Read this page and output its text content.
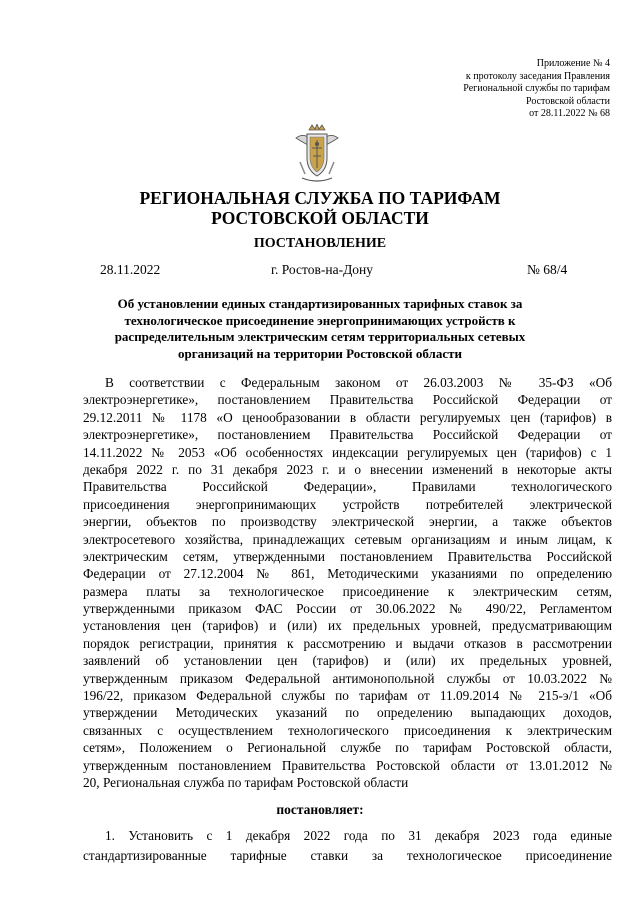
Приложение № 4
к протоколу заседания Правления
Региональной службы по тарифам
Ростовской области
от 28.11.2022 № 68
РЕГИОНАЛЬНАЯ СЛУЖБА ПО ТАРИФАМ
РОСТОВСКОЙ ОБЛАСТИ
ПОСТАНОВЛЕНИЕ
28.11.2022	г. Ростов-на-Дону	№ 68/4
Об установлении единых стандартизированных тарифных ставок за
технологическое присоединение энергопринимающих устройств к
распределительным электрическим сетям территориальных сетевых
организаций на территории Ростовской области
В соответствии с Федеральным законом от 26.03.2003 № 35-ФЗ «Об
электроэнергетике», постановлением Правительства Российской Федерации от
29.12.2011 № 1178 «О ценообразовании в области регулируемых цен (тарифов) в
электроэнергетике», постановлением Правительства Российской Федерации от
14.11.2022 № 2053 «Об особенностях индексации регулируемых цен (тарифов) с 1
декабря 2022 г. по 31 декабря 2023 г. и о внесении изменений в некоторые акты
Правительства Российской Федерации», Правилами технологического
присоединения энергопринимающих устройств потребителей электрической
энергии, объектов по производству электрической энергии, а также объектов
электросетевого хозяйства, принадлежащих сетевым организациям и иным лицам, к
электрическим сетям, утвержденными постановлением Правительства Российской
Федерации от 27.12.2004 № 861, Методическими указаниями по определению
размера платы за технологическое присоединение к электрическим сетям,
утвержденными приказом ФАС России от 30.06.2022 № 490/22, Регламентом
установления цен (тарифов) и (или) их предельных уровней, предусматривающим
порядок регистрации, принятия к рассмотрению и выдачи отказов в рассмотрении
заявлений об установлении цен (тарифов) и (или) их предельных уровней,
утвержденным приказом Федеральной антимонопольной службы от 10.03.2022 №
196/22, приказом Федеральной службы по тарифам от 11.09.2014 № 215-э/1 «Об
утверждении Методических указаний по определению выпадающих доходов,
связанных с осуществлением технологического присоединения к электрическим
сетям», Положением о Региональной службе по тарифам Ростовской области,
утвержденным постановлением Правительства Ростовской области от 13.01.2012 №
20, Региональная служба по тарифам Ростовской области
постановляет:
1. Установить с 1 декабря 2022 года по 31 декабря 2023 года единые
стандартизированные тарифные ставки за технологическое присоединение
